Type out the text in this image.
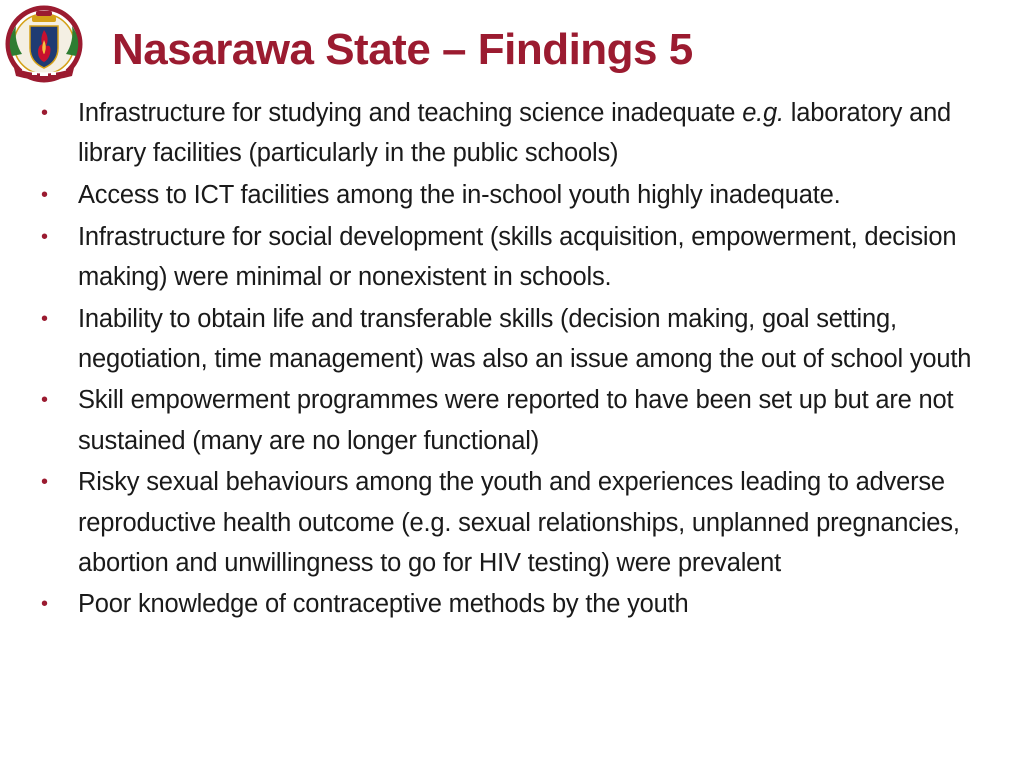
Nasarawa State – Findings 5
• Infrastructure for studying and teaching science inadequate e.g. laboratory and library facilities (particularly in the public schools)
• Access to ICT facilities among the in-school youth highly inadequate.
• Infrastructure for social development (skills acquisition, empowerment, decision making) were minimal or nonexistent in schools.
• Inability to obtain life and transferable skills (decision making, goal setting, negotiation, time management) was also an issue among the out of school youth
• Skill empowerment programmes were reported to have been set up but are not sustained (many are no longer functional)
• Risky sexual behaviours among the youth and experiences leading to adverse reproductive health outcome (e.g. sexual relationships, unplanned pregnancies, abortion and unwillingness to go for HIV testing) were prevalent
• Poor knowledge of contraceptive methods by the youth
